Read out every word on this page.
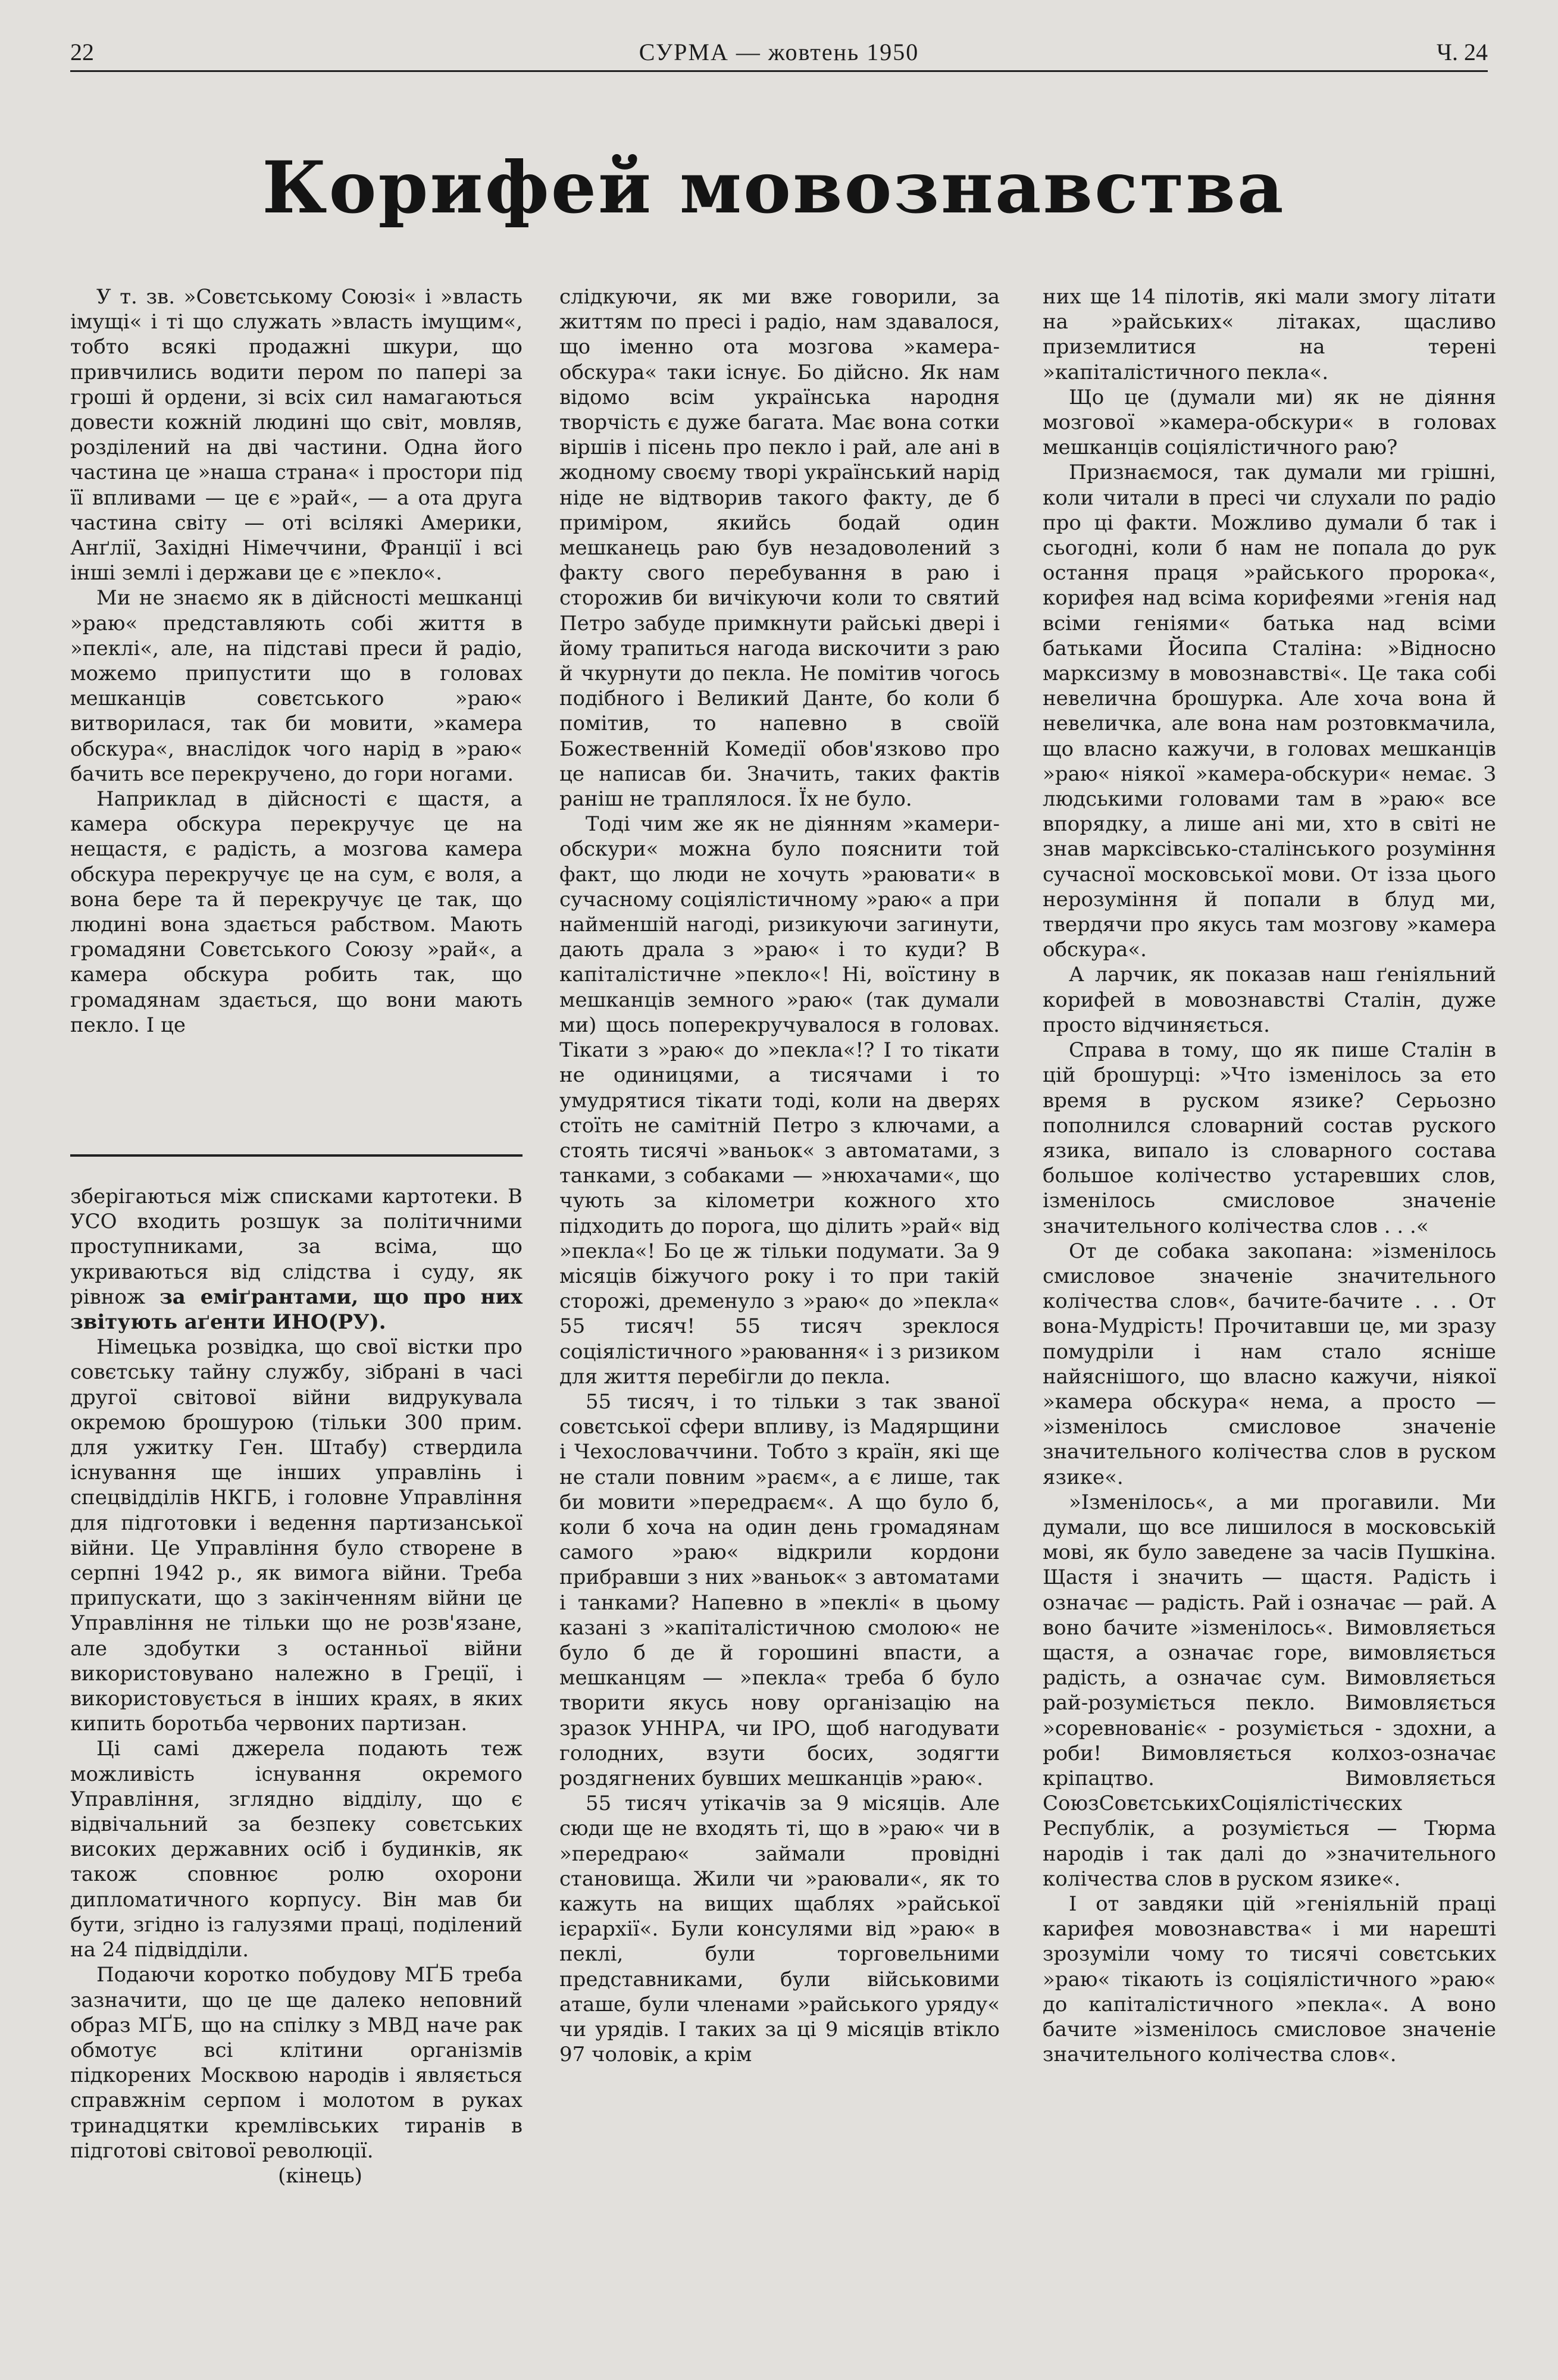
22	СУРМА — жовтень 1950	Ч. 24
Корифей мовознавства

У т. зв. »Совєтському Союзі« і »власть імущі« і ті що служать »власть імущим«, тобто всякі продажні шкури, що привчились водити пером по папері за гроші й ордени, зі всіх сил намагаються довести кожній людині що світ, мовляв, розділений на дві частини. Одна його частина це »наша страна« і простори під її впливами — це є »рай«, — а ота друга частина світу — оті всілякі Америки, Анґлії, Західні Німеччини, Франції і всі інші землі і держави це є »пекло«.

Ми не знаємо як в дійсності мешканці »раю« представляють собі життя в »пеклі«, але, на підставі преси й радіо, можемо припустити що в головах мешканців совєтського »раю« витворилася, так би мовити, »камера обскура«, внаслідок чого нарід в »раю« бачить все перекручено, до гори ногами.

Наприклад в дійсності є щастя, а камера обскура перекручує це на нещастя, є радість, а мозгова камера обскура перекручує це на сум, є воля, а вона бере та й перекручує це так, що людині вона здається рабством. Мають громадяни Совєтського Союзу »рай«, а камера обскура робить так, що громадянам здається, що вони мають пекло. І це

зберігаються між списками картотеки. В УСО входить розшук за політичними проступниками, за всіма, що укриваються від слідства і суду, як рівнож за еміґрантами, що про них звітують аґенти ИНО(РУ).

Німецька розвідка, що свої вістки про совєтську тайну службу, зібрані в часі другої світової війни видрукувала окремою брошурою (тільки 300 прим. для ужитку Ген. Штабу) ствердила існування ще інших управлінь і спецвідділів НКГБ, і головне Управління для підготовки і ведення партизанської війни. Це Управління було створене в серпні 1942 р., як вимога війни. Треба припускати, що з закінченням війни це Управління не тільки що не розв'язане, але здобутки з останньої війни використовувано належно в Греції, і використовується в інших краях, в яких кипить боротьба червоних партизан.

Ці самі джерела подають теж можливість існування окремого Управління, зглядно відділу, що є відвічальний за безпеку совєтських високих державних осіб і будинків, як також сповнює ролю охорони дипломатичного корпусу. Він мав би бути, згідно із галузями праці, поділений на 24 підвідділи.

Подаючи коротко побудову МҐБ треба зазначити, що це ще далеко неповний образ МҐБ, що на спілку з МВД наче рак обмотує всі клітини організмів підкорених Москвою народів і являється справжнім серпом і молотом в руках тринадцятки кремлівських тиранів в підготові світової революції.

(кінець)

слідкуючи, як ми вже говорили, за життям по пресі і радіо, нам здавалося, що іменно ота мозгова »камера-обскура« таки існує. Бо дійсно. Як нам відомо всім українська народня творчість є дуже багата. Має вона сотки віршів і пісень про пекло і рай, але ані в жодному своєму творі український нарід ніде не відтворив такого факту, де б приміром, якийсь бодай один мешканець раю був незадоволений з факту свого перебування в раю і сторожив би вичікуючи коли то святий Петро забуде примкнути райські двері і йому трапиться нагода вискочити з раю й чкурнути до пекла. Не помітив чогось подібного і Великий Данте, бо коли б помітив, то напевно в своїй Божественній Комедії обов'язково про це написав би. Значить, таких фактів раніш не траплялося. Їх не було.

Тоді чим же як не діянням »камери-обскури« можна було пояснити той факт, що люди не хочуть »раювати« в сучасному соціялістичному »раю« а при найменшій нагоді, ризикуючи загинути, дають драла з »раю« і то куди? В капіталістичне »пекло«! Ні, воїстину в мешканців земного »раю« (так думали ми) щось поперекручувалося в головах. Тікати з »раю« до »пекла«!? І то тікати не одиницями, а тисячами і то умудрятися тікати тоді, коли на дверях стоїть не самітній Петро з ключами, а стоять тисячі »ваньок« з автоматами, з танками, з собаками — »нюхачами«, що чують за кілометри кожного хто підходить до порога, що ділить »рай« від »пекла«! Бо це ж тільки подумати. За 9 місяців біжучого року і то при такій сторожі, дременуло з »раю« до »пекла« 55 тисяч! 55 тисяч зреклося соціялістичного »раювання« і з ризиком для життя перебігли до пекла.

55 тисяч, і то тільки з так званої совєтської сфери впливу, із Мадярщини і Чехословаччини. Тобто з країн, які ще не стали повним »раєм«, а є лише, так би мовити »передраєм«. А що було б, коли б хоча на один день громадянам самого »раю« відкрили кордони прибравши з них »ваньок« з автоматами і танками? Напевно в »пеклі« в цьому казані з »капіталістичною смолою« не було б де й горошині впасти, а мешканцям — »пекла« треба б було творити якусь нову організацію на зразок УННРА, чи ІРО, щоб нагодувати голодних, взути босих, зодягти роздягнених бувших мешканців »раю«.

55 тисяч утікачів за 9 місяців. Але сюди ще не входять ті, що в »раю« чи в »передраю« займали провідні становища. Жили чи »раювали«, як то кажуть на вищих щаблях »райської ієрархії«. Були консулями від »раю« в пеклі, були торговельними представниками, були військовими аташе, були членами »райського уряду« чи урядів. І таких за ці 9 місяців втікло 97 чоловік, а крім

них ще 14 пілотів, які мали змогу літати на »райських« літаках, щасливо приземлитися на терені »капіталістичного пекла«.

Що це (думали ми) як не діяння мозгової »камера-обскури« в головах мешканців соціялістичного раю?

Признаємося, так думали ми грішні, коли читали в пресі чи слухали по радіо про ці факти. Можливо думали б так і сьогодні, коли б нам не попала до рук остання праця »райського пророка«, корифея над всіма корифеями »генія над всіми геніями« батька над всіми батьками Йосипа Сталіна: »Відносно марксизму в мовознавстві«. Це така собі невелична брошурка. Але хоча вона й невеличка, але вона нам розтовкмачила, що власно кажучи, в головах мешканців »раю« ніякої »камера-обскури« немає. З людськими головами там в »раю« все впорядку, а лише ані ми, хто в світі не знав марксівсько-сталінського розуміння сучасної московської мови. От ізза цього нерозуміння й попали в блуд ми, твердячи про якусь там мозгову »камера обскура«.

А ларчик, як показав наш ґеніяльний корифей в мовознавстві Сталін, дуже просто відчиняється.

Справа в тому, що як пише Сталін в цій брошурці: »Что ізменілось за ето время в руском язике? Серьозно пополнился словарний состав руского язика, випало із словарного состава большое колічество устаревших слов, ізменілось смисловое значеніе значительного колічества слов . . .«

От де собака закопана: »ізменілось смисловое значеніе значительного колічества слов«, бачите-бачите . . . От вона-Мудрість! Прочитавши це, ми зразу помудріли і нам стало ясніше найяснішого, що власно кажучи, ніякої »камера обскура« нема, а просто — »ізменілось смисловое значеніе значительного колічества слов в руском язике«.

»Ізменілось«, а ми прогавили. Ми думали, що все лишилося в московській мові, як було заведене за часів Пушкіна. Щастя і значить — щастя. Радість і означає — радість. Рай і означає — рай. А воно бачите »ізменілось«. Вимовляється щастя, а означає горе, вимовляється радість, а означає сум. Вимовляється рай-розуміється пекло. Вимовляється »соревнованіє« - розуміється - здохни, а роби! Вимовляється колхоз-означає кріпацтво. Вимовляється СоюзСовєтськихСоціялістічєских Республік, а розуміється — Тюрма народів і так далі до »значительного колічества слов в руском язике«.

І от завдяки цій »геніяльній праці карифея мовознавства« і ми нарешті зрозуміли чому то тисячі совєтських »раю« тікають із соціялістичного »раю« до капіталістичного »пекла«. А воно бачите »ізменілось смисловое значеніе значительного колічества слов«.
